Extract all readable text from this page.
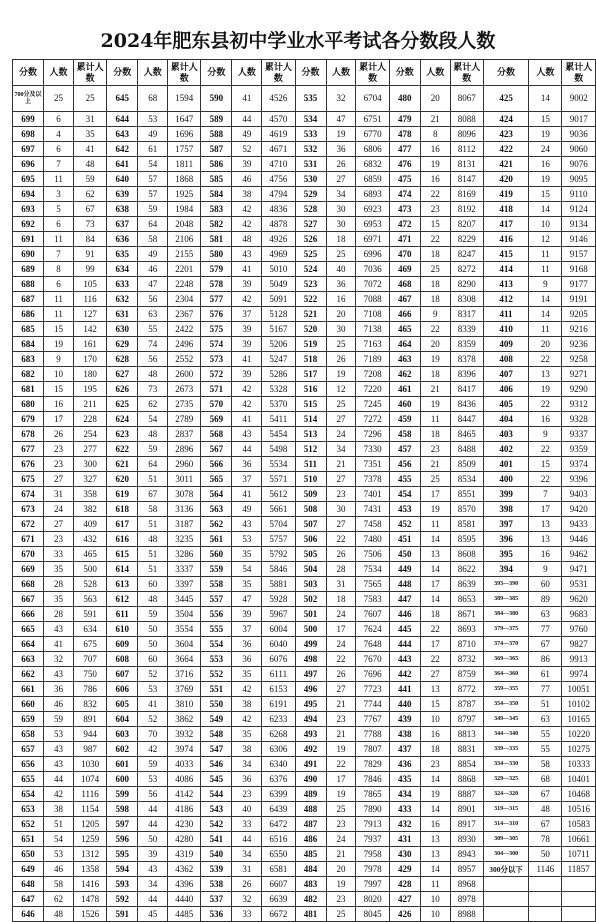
2024年肥东县初中学业水平考试各分数段人数
分数	人数	累计人数	分数	人数	累计人数	分数	人数	累计人数	分数	人数	累计人数	分数	人数	累计人数	分数	人数	累计人数
700分及以上	25	25	645	68	1594	590	41	4526	535	32	6704	480	20	8067	425	14	9002
699	6	31	644	53	1647	589	44	4570	534	47	6751	479	21	8088	424	15	9017
698	4	35	643	49	1696	588	49	4619	533	19	6770	478	8	8096	423	19	9036
697	6	41	642	61	1757	587	52	4671	532	36	6806	477	16	8112	422	24	9060
696	7	48	641	54	1811	586	39	4710	531	26	6832	476	19	8131	421	16	9076
695	11	59	640	57	1868	585	46	4756	530	27	6859	475	16	8147	420	19	9095
694	3	62	639	57	1925	584	38	4794	529	34	6893	474	22	8169	419	15	9110
693	5	67	638	59	1984	583	42	4836	528	30	6923	473	23	8192	418	14	9124
692	6	73	637	64	2048	582	42	4878	527	30	6953	472	15	8207	417	10	9134
691	11	84	636	58	2106	581	48	4926	526	18	6971	471	22	8229	416	12	9146
690	7	91	635	49	2155	580	43	4969	525	25	6996	470	18	8247	415	11	9157
689	8	99	634	46	2201	579	41	5010	524	40	7036	469	25	8272	414	11	9168
688	6	105	633	47	2248	578	39	5049	523	36	7072	468	18	8290	413	9	9177
687	11	116	632	56	2304	577	42	5091	522	16	7088	467	18	8308	412	14	9191
686	11	127	631	63	2367	576	37	5128	521	20	7108	466	9	8317	411	14	9205
685	15	142	630	55	2422	575	39	5167	520	30	7138	465	22	8339	410	11	9216
684	19	161	629	74	2496	574	39	5206	519	25	7163	464	20	8359	409	20	9236
683	9	170	628	56	2552	573	41	5247	518	26	7189	463	19	8378	408	22	9258
682	10	180	627	48	2600	572	39	5286	517	19	7208	462	18	8396	407	13	9271
681	15	195	626	73	2673	571	42	5328	516	12	7220	461	21	8417	406	19	9290
680	16	211	625	62	2735	570	42	5370	515	25	7245	460	19	8436	405	22	9312
679	17	228	624	54	2789	569	41	5411	514	27	7272	459	11	8447	404	16	9328
678	26	254	623	48	2837	568	43	5454	513	24	7296	458	18	8465	403	9	9337
677	23	277	622	59	2896	567	44	5498	512	34	7330	457	23	8488	402	22	9359
676	23	300	621	64	2960	566	36	5534	511	21	7351	456	21	8509	401	15	9374
675	27	327	620	51	3011	565	37	5571	510	27	7378	455	25	8534	400	22	9396
674	31	358	619	67	3078	564	41	5612	509	23	7401	454	17	8551	399	7	9403
673	24	382	618	58	3136	563	49	5661	508	30	7431	453	19	8570	398	17	9420
672	27	409	617	51	3187	562	43	5704	507	27	7458	452	11	8581	397	13	9433
671	23	432	616	48	3235	561	53	5757	506	22	7480	451	14	8595	396	13	9446
670	33	465	615	51	3286	560	35	5792	505	26	7506	450	13	8608	395	16	9462
669	35	500	614	51	3337	559	54	5846	504	28	7534	449	14	8622	394	9	9471
668	28	528	613	60	3397	558	35	5881	503	31	7565	448	17	8639	393—390	60	9531
667	35	563	612	48	3445	557	47	5928	502	18	7583	447	14	8653	389—385	89	9620
666	28	591	611	59	3504	556	39	5967	501	24	7607	446	18	8671	384—380	63	9683
665	43	634	610	50	3554	555	37	6004	500	17	7624	445	22	8693	379—375	77	9760
664	41	675	609	50	3604	554	36	6040	499	24	7648	444	17	8710	374—370	67	9827
663	32	707	608	60	3664	553	36	6076	498	22	7670	443	22	8732	369—365	86	9913
662	43	750	607	52	3716	552	35	6111	497	26	7696	442	27	8759	364—360	61	9974
661	36	786	606	53	3769	551	42	6153	496	27	7723	441	13	8772	359—355	77	10051
660	46	832	605	41	3810	550	38	6191	495	21	7744	440	15	8787	354—350	51	10102
659	59	891	604	52	3862	549	42	6233	494	23	7767	439	10	8797	349—345	63	10165
658	53	944	603	70	3932	548	35	6268	493	21	7788	438	16	8813	344—340	55	10220
657	43	987	602	42	3974	547	38	6306	492	19	7807	437	18	8831	339—335	55	10275
656	43	1030	601	59	4033	546	34	6340	491	22	7829	436	23	8854	334—330	58	10333
655	44	1074	600	53	4086	545	36	6376	490	17	7846	435	14	8868	329—325	68	10401
654	42	1116	599	56	4142	544	23	6399	489	19	7865	434	19	8887	324—320	67	10468
653	38	1154	598	44	4186	543	40	6439	488	25	7890	433	14	8901	319—315	48	10516
652	51	1205	597	44	4230	542	33	6472	487	23	7913	432	16	8917	314—310	67	10583
651	54	1259	596	50	4280	541	44	6516	486	24	7937	431	13	8930	309—305	78	10661
650	53	1312	595	39	4319	540	34	6550	485	21	7958	430	13	8943	304—300	50	10711
649	46	1358	594	43	4362	539	31	6581	484	20	7978	429	14	8957	300分以下	1146	11857
648	58	1416	593	34	4396	538	26	6607	483	19	7997	428	11	8968			
647	62	1478	592	44	4440	537	32	6639	482	23	8020	427	10	8978			
646	48	1526	591	45	4485	536	33	6672	481	25	8045	426	10	8988			
